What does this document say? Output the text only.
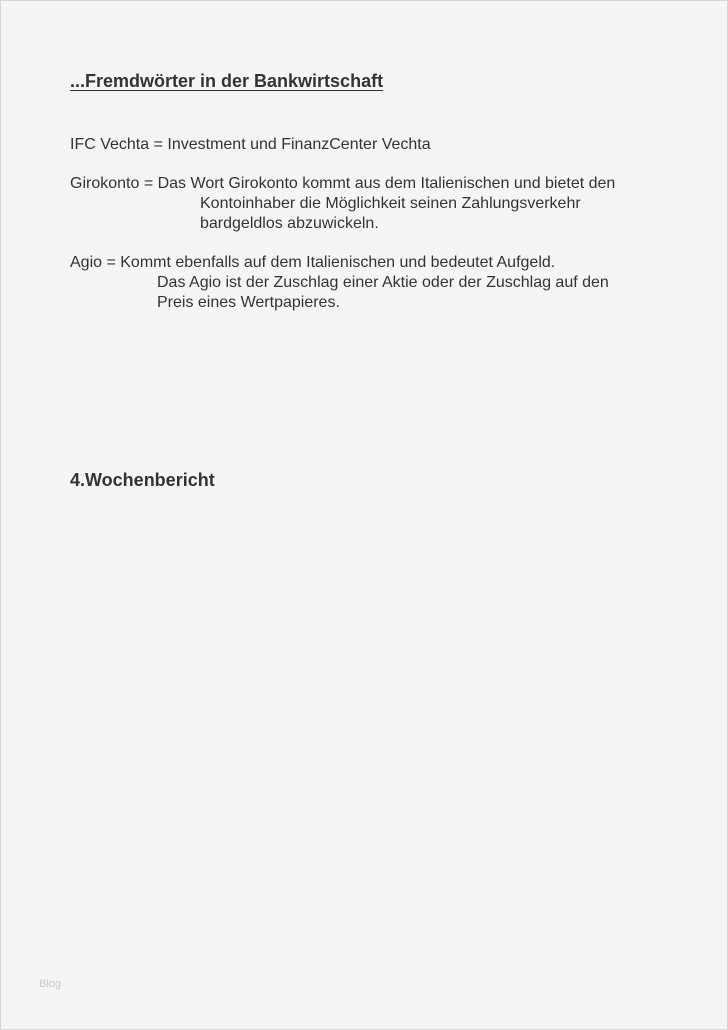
...Fremdwörter in der Bankwirtschaft

IFC Vechta = Investment und FinanzCenter Vechta

Girokonto = Das Wort Girokonto kommt aus dem Italienischen und bietet den

Kontoinhaber die Möglichkeit seinen Zahlungsverkehr

bardgeldlos abzuwickeln.

Agio = Kommt ebenfalls auf dem Italienischen und bedeutet Aufgeld.

Das Agio ist der Zuschlag einer Aktie oder der Zuschlag auf den

Preis eines Wertpapieres.

4.Wochenbericht
Blog
